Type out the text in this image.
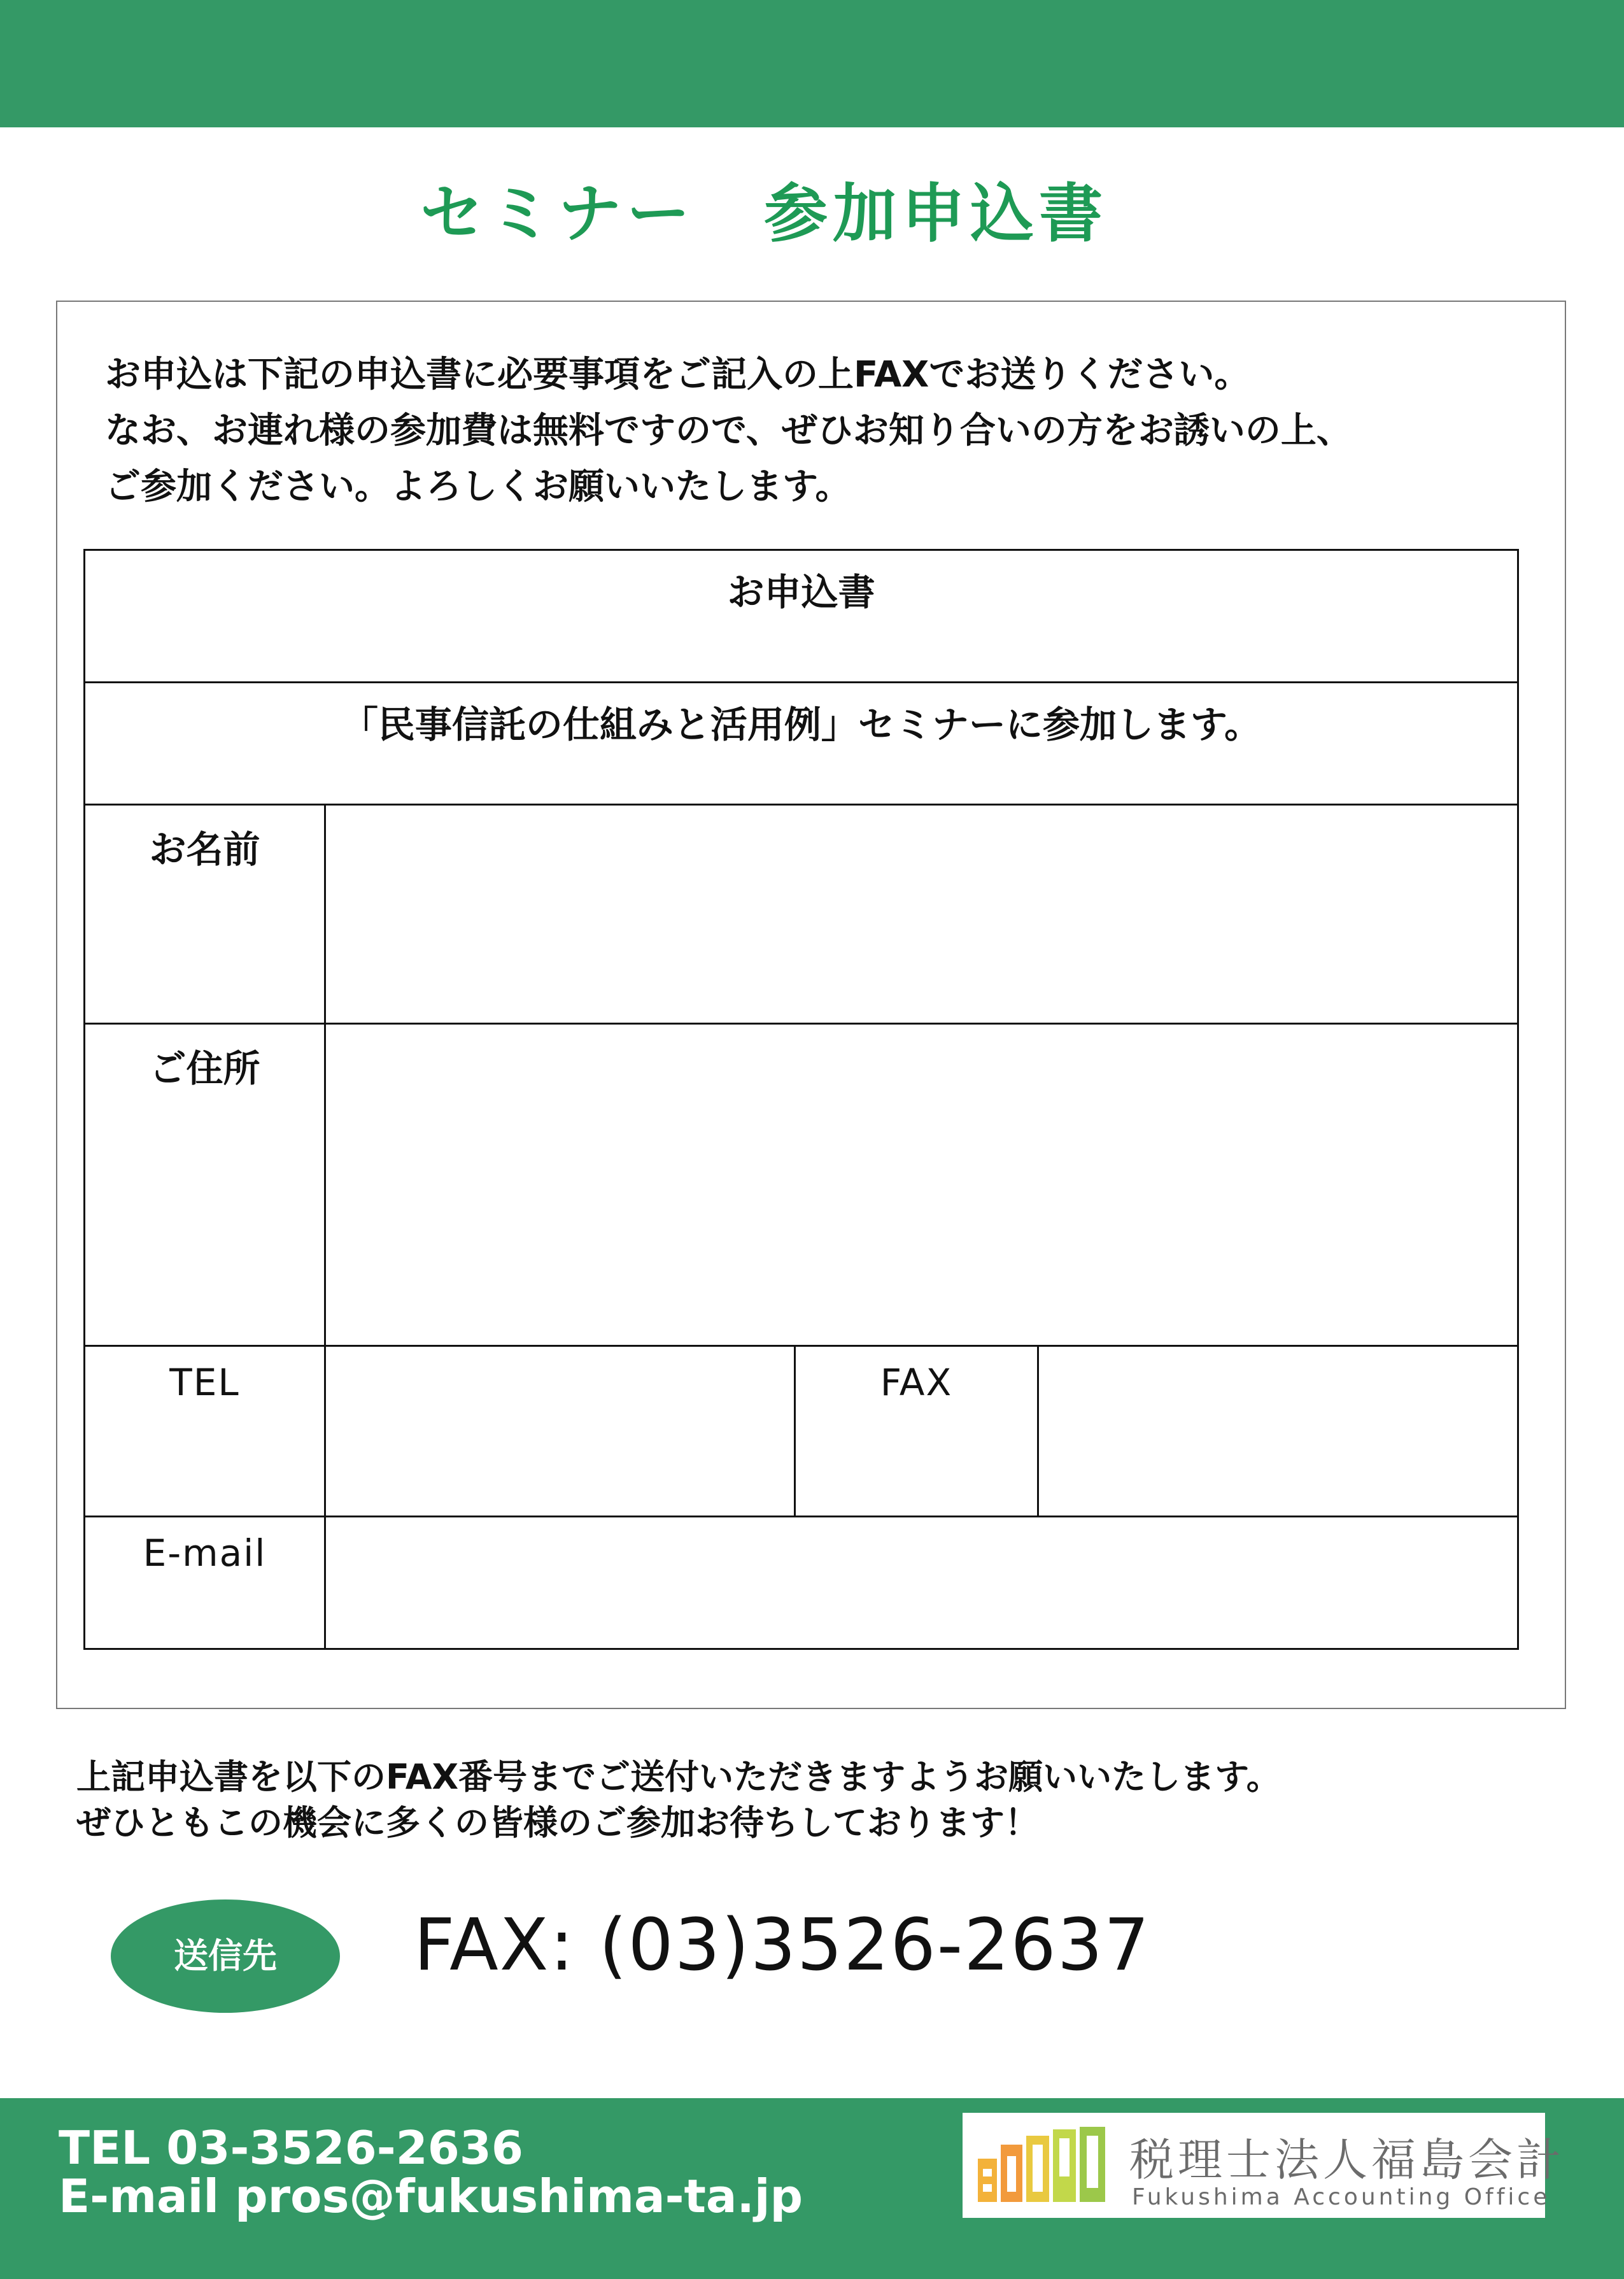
セミナー　参加申込書
お申込は下記の申込書に必要事項をご記入の上FAXでお送りください。
なお、お連れ様の参加費は無料ですので、ぜひお知り合いの方をお誘いの上、
ご参加ください。よろしくお願いいたします。
お申込書			
「民事信託の仕組みと活用例」セミナーに参加します。			
お名前			
ご住所			
TEL		FAX	
E-mail			
上記申込書を以下のFAX番号までご送付いただきますようお願いいたします。
ぜひともこの機会に多くの皆様のご参加お待ちしております！
送信先	FAX: (03)3526-2637
TEL 03-3526-2636
E-mail pros@fukushima-ta.jp
税理士法人福島会計
Fukushima Accounting Office
